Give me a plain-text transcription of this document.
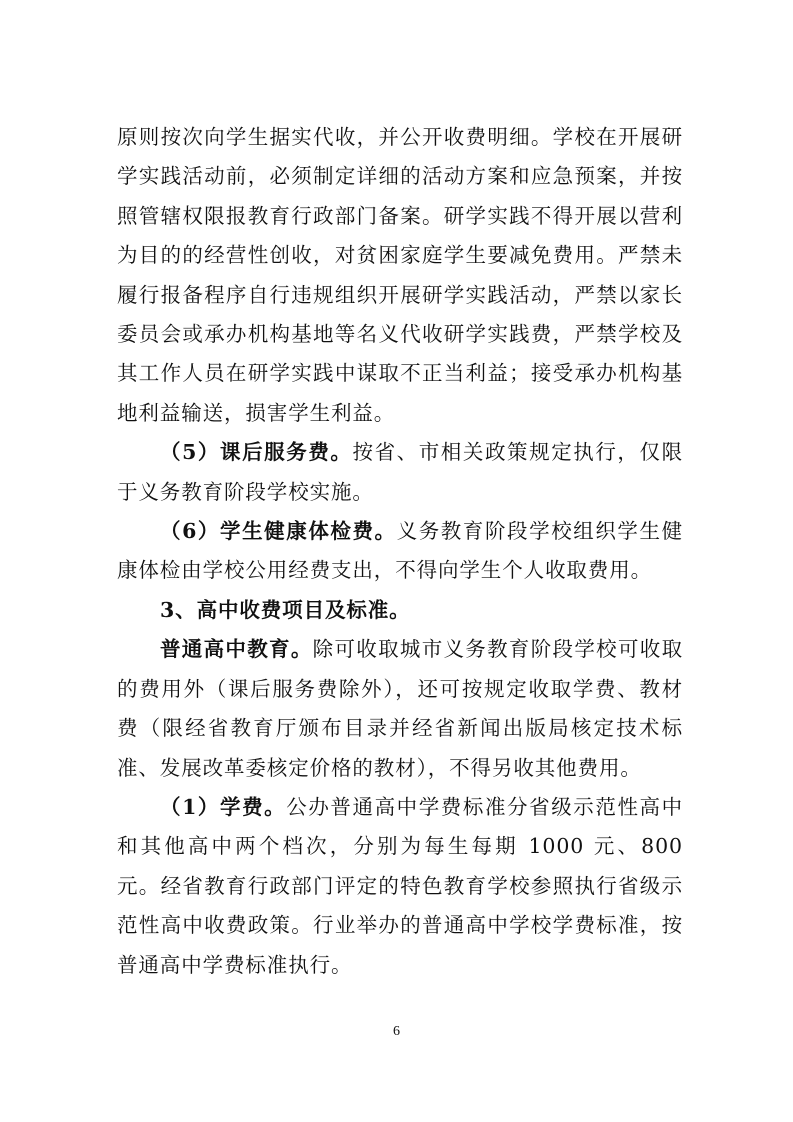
原则按次向学生据实代收，并公开收费明细。学校在开展研学实践活动前，必须制定详细的活动方案和应急预案，并按照管辖权限报教育行政部门备案。研学实践不得开展以营利为目的的经营性创收，对贫困家庭学生要减免费用。严禁未履行报备程序自行违规组织开展研学实践活动，严禁以家长委员会或承办机构基地等名义代收研学实践费，严禁学校及其工作人员在研学实践中谋取不正当利益；接受承办机构基地利益输送，损害学生利益。

（5）课后服务费。按省、市相关政策规定执行，仅限于义务教育阶段学校实施。

（6）学生健康体检费。义务教育阶段学校组织学生健康体检由学校公用经费支出，不得向学生个人收取费用。

3、高中收费项目及标准。

普通高中教育。除可收取城市义务教育阶段学校可收取的费用外（课后服务费除外），还可按规定收取学费、教材费（限经省教育厅颁布目录并经省新闻出版局核定技术标准、发展改革委核定价格的教材），不得另收其他费用。

（1）学费。公办普通高中学费标准分省级示范性高中和其他高中两个档次，分别为每生每期 1000 元、800 元。经省教育行政部门评定的特色教育学校参照执行省级示范性高中收费政策。行业举办的普通高中学校学费标准，按普通高中学费标准执行。

6
